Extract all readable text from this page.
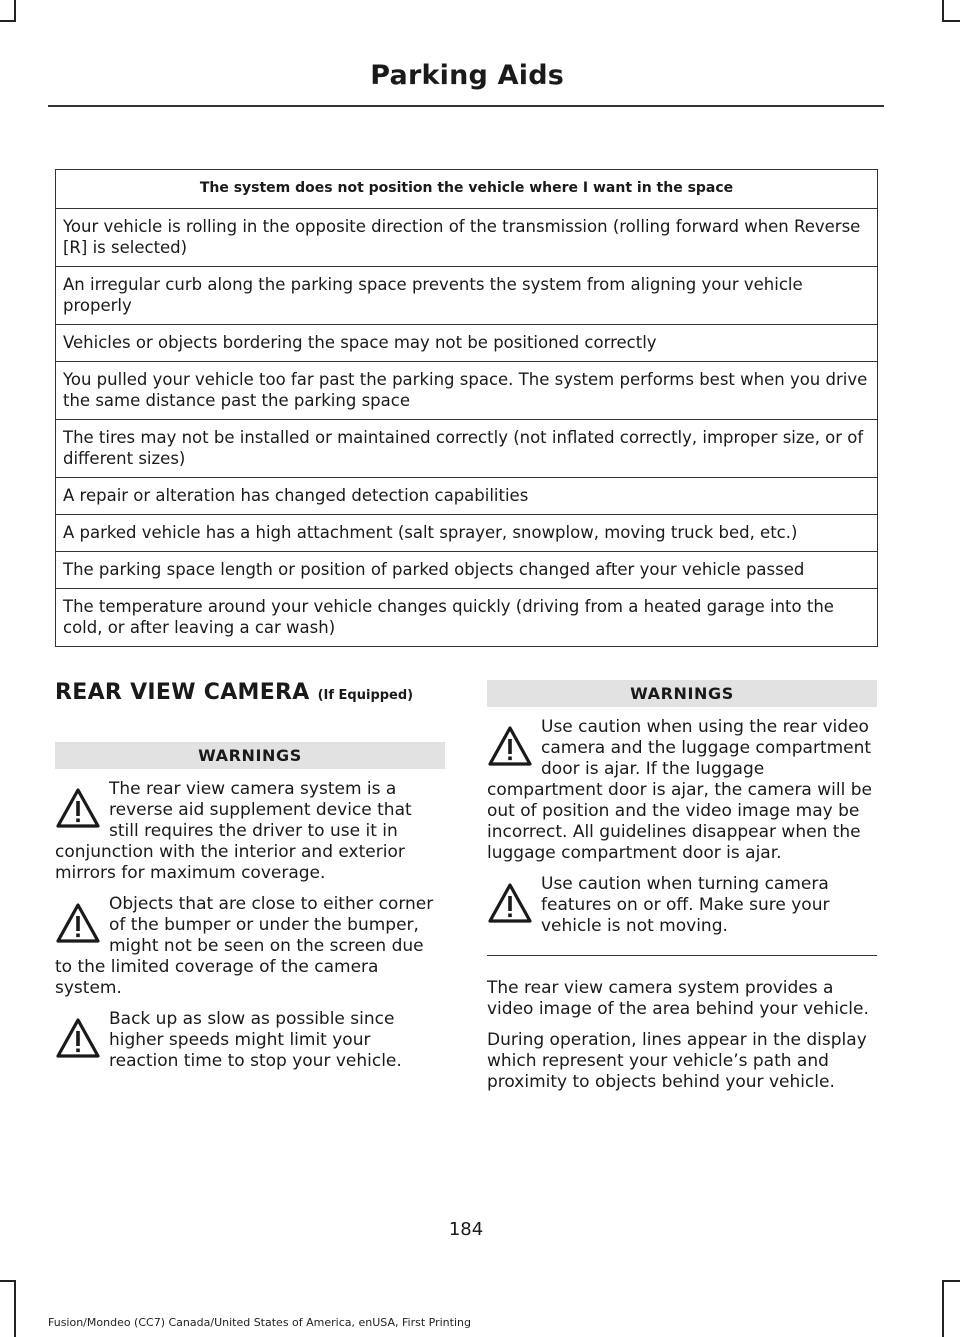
Parking Aids
The system does not position the vehicle where I want in the space
Your vehicle is rolling in the opposite direction of the transmission (rolling forward when Reverse [R] is selected)
An irregular curb along the parking space prevents the system from aligning your vehicle properly
Vehicles or objects bordering the space may not be positioned correctly
You pulled your vehicle too far past the parking space. The system performs best when you drive the same distance past the parking space
The tires may not be installed or maintained correctly (not inflated correctly, improper size, or of different sizes)
A repair or alteration has changed detection capabilities
A parked vehicle has a high attachment (salt sprayer, snowplow, moving truck bed, etc.)
The parking space length or position of parked objects changed after your vehicle passed
The temperature around your vehicle changes quickly (driving from a heated garage into the cold, or after leaving a car wash)
REAR VIEW CAMERA (If Equipped)
WARNINGS

The rear view camera system is a reverse aid supplement device that still requires the driver to use it in conjunction with the interior and exterior mirrors for maximum coverage.

Objects that are close to either corner of the bumper or under the bumper, might not be seen on the screen due to the limited coverage of the camera system.

Back up as slow as possible since higher speeds might limit your reaction time to stop your vehicle.

WARNINGS

Use caution when using the rear video camera and the luggage compartment door is ajar. If the luggage compartment door is ajar, the camera will be out of position and the video image may be incorrect. All guidelines disappear when the luggage compartment door is ajar.

Use caution when turning camera features on or off. Make sure your vehicle is not moving.

The rear view camera system provides a video image of the area behind your vehicle.

During operation, lines appear in the display which represent your vehicle’s path and proximity to objects behind your vehicle.

184
Fusion/Mondeo (CC7) Canada/United States of America, enUSA, First Printing
